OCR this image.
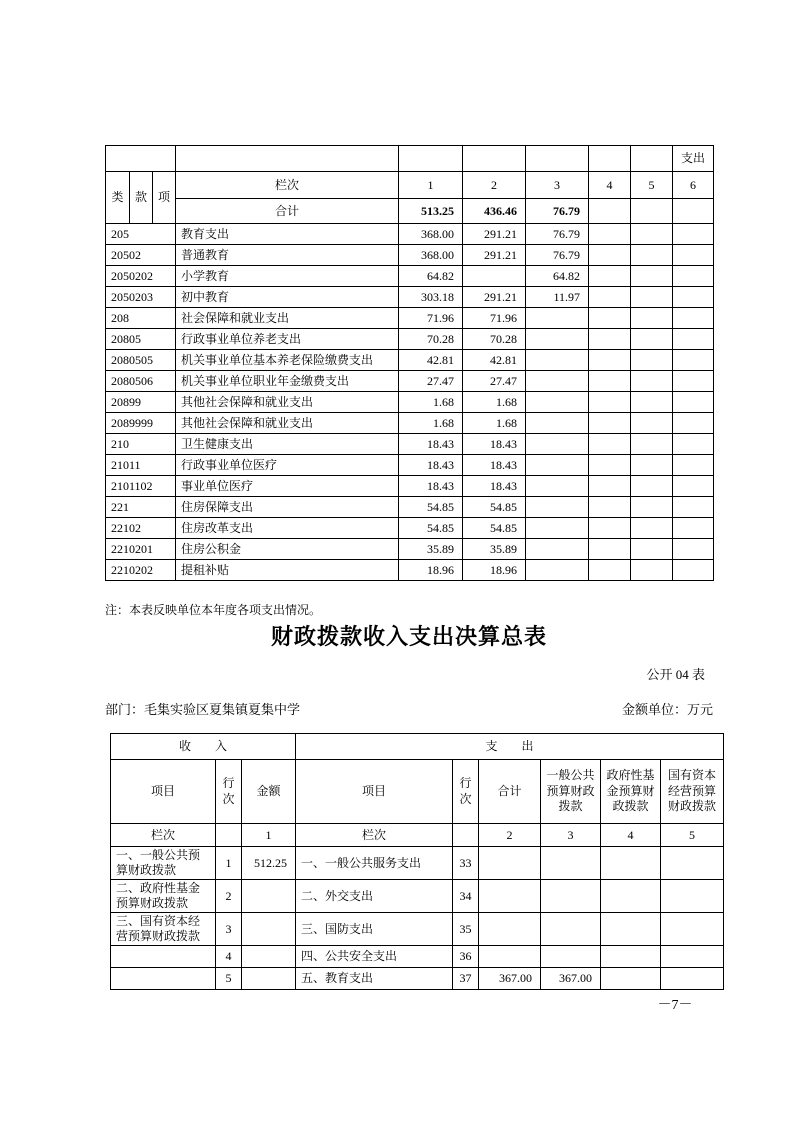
									支出
类	款	项	栏次	1	2	3	4	5	6
			合计	513.25	436.46	76.79			
205			教育支出	368.00	291.21	76.79			
20502			普通教育	368.00	291.21	76.79			
2050202			小学教育	64.82		64.82			
2050203			初中教育	303.18	291.21	11.97			
208			社会保障和就业支出	71.96	71.96				
20805			行政事业单位养老支出	70.28	70.28				
2080505			机关事业单位基本养老保险缴费支出	42.81	42.81				
2080506			机关事业单位职业年金缴费支出	27.47	27.47				
20899			其他社会保障和就业支出	1.68	1.68				
2089999			其他社会保障和就业支出	1.68	1.68				
210			卫生健康支出	18.43	18.43				
21011			行政事业单位医疗	18.43	18.43				
2101102			事业单位医疗	18.43	18.43				
221			住房保障支出	54.85	54.85				
22102			住房改革支出	54.85	54.85				
2210201			住房公积金	35.89	35.89				
2210202			提租补贴	18.96	18.96				
注：本表反映单位本年度各项支出情况。
财政拨款收入支出决算总表
公开 04 表
部门：毛集实验区夏集镇夏集中学	金额单位：万元
收　　入			支　　出					
项目	行次	金额	项目	行次	合计	一般公共预算财政拨款	政府性基金预算财政拨款	国有资本经营预算财政拨款
栏次		1	栏次		2	3	4	5
一、一般公共预算财政拨款	1	512.25	一、一般公共服务支出	33				
二、政府性基金预算财政拨款	2		二、外交支出	34				
三、国有资本经营预算财政拨款	3		三、国防支出	35				
	4		四、公共安全支出	36				
	5		五、教育支出	37	367.00	367.00		
－7－
